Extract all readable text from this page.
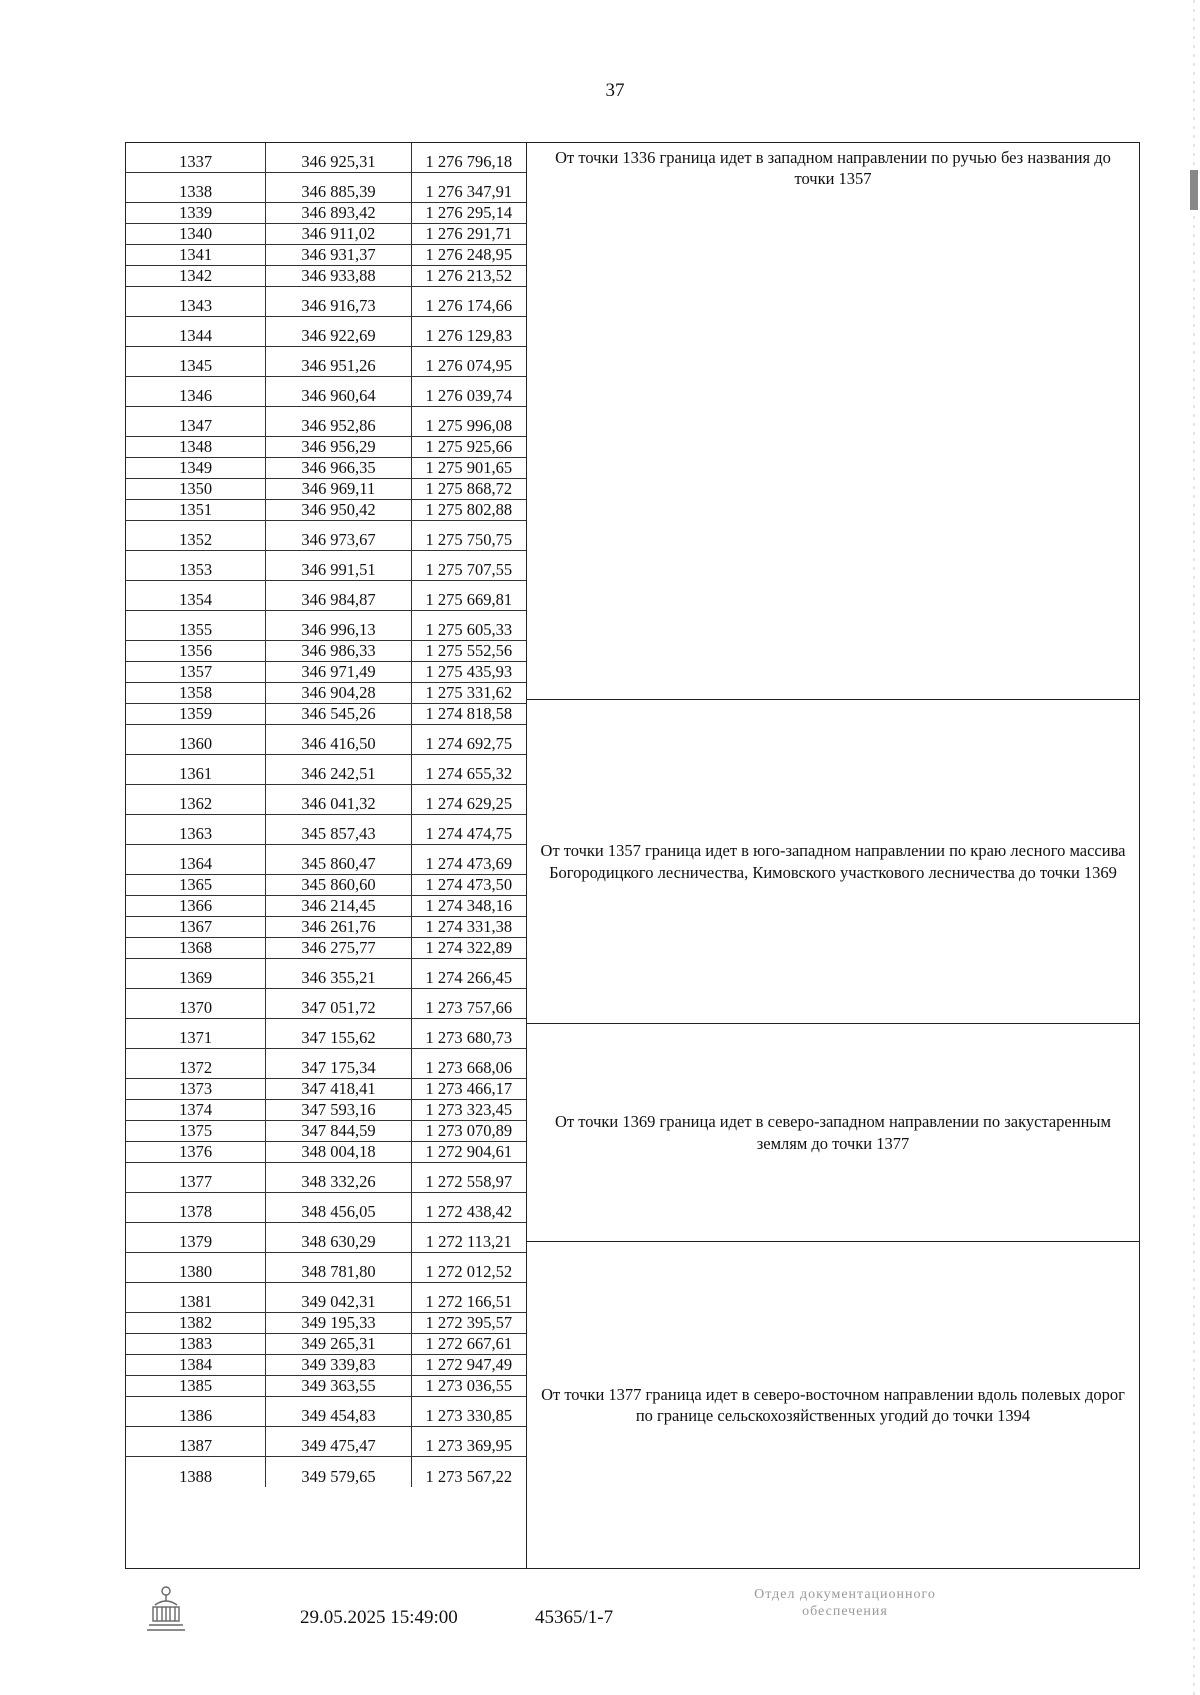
37
1337	346 925,31	1 276 796,18
1338	346 885,39	1 276 347,91
1339	346 893,42	1 276 295,14
1340	346 911,02	1 276 291,71
1341	346 931,37	1 276 248,95
1342	346 933,88	1 276 213,52
1343	346 916,73	1 276 174,66
1344	346 922,69	1 276 129,83
1345	346 951,26	1 276 074,95
1346	346 960,64	1 276 039,74
1347	346 952,86	1 275 996,08
1348	346 956,29	1 275 925,66
1349	346 966,35	1 275 901,65
1350	346 969,11	1 275 868,72
1351	346 950,42	1 275 802,88
1352	346 973,67	1 275 750,75
1353	346 991,51	1 275 707,55
1354	346 984,87	1 275 669,81
1355	346 996,13	1 275 605,33
1356	346 986,33	1 275 552,56
1357	346 971,49	1 275 435,93
1358	346 904,28	1 275 331,62
1359	346 545,26	1 274 818,58
1360	346 416,50	1 274 692,75
1361	346 242,51	1 274 655,32
1362	346 041,32	1 274 629,25
1363	345 857,43	1 274 474,75
1364	345 860,47	1 274 473,69
1365	345 860,60	1 274 473,50
1366	346 214,45	1 274 348,16
1367	346 261,76	1 274 331,38
1368	346 275,77	1 274 322,89
1369	346 355,21	1 274 266,45
1370	347 051,72	1 273 757,66
1371	347 155,62	1 273 680,73
1372	347 175,34	1 273 668,06
1373	347 418,41	1 273 466,17
1374	347 593,16	1 273 323,45
1375	347 844,59	1 273 070,89
1376	348 004,18	1 272 904,61
1377	348 332,26	1 272 558,97
1378	348 456,05	1 272 438,42
1379	348 630,29	1 272 113,21
1380	348 781,80	1 272 012,52
1381	349 042,31	1 272 166,51
1382	349 195,33	1 272 395,57
1383	349 265,31	1 272 667,61
1384	349 339,83	1 272 947,49
1385	349 363,55	1 273 036,55
1386	349 454,83	1 273 330,85
1387	349 475,47	1 273 369,95
1388	349 579,65	1 273 567,22
От точки 1336 граница идет в западном направлении по ручью без названия до точки 1357
От точки 1357 граница идет в юго-западном направлении по краю лесного массива Богородицкого лесничества, Кимовского участкового лесничества до точки 1369
От точки 1369 граница идет в северо-западном направлении по закустаренным землям до точки 1377
От точки 1377 граница идет в северо-восточном направлении вдоль полевых дорог по границе сельскохозяйственных угодий до точки 1394
29.05.2025 15:49:00	45365/1-7
Отдел документационного
обеспечения
